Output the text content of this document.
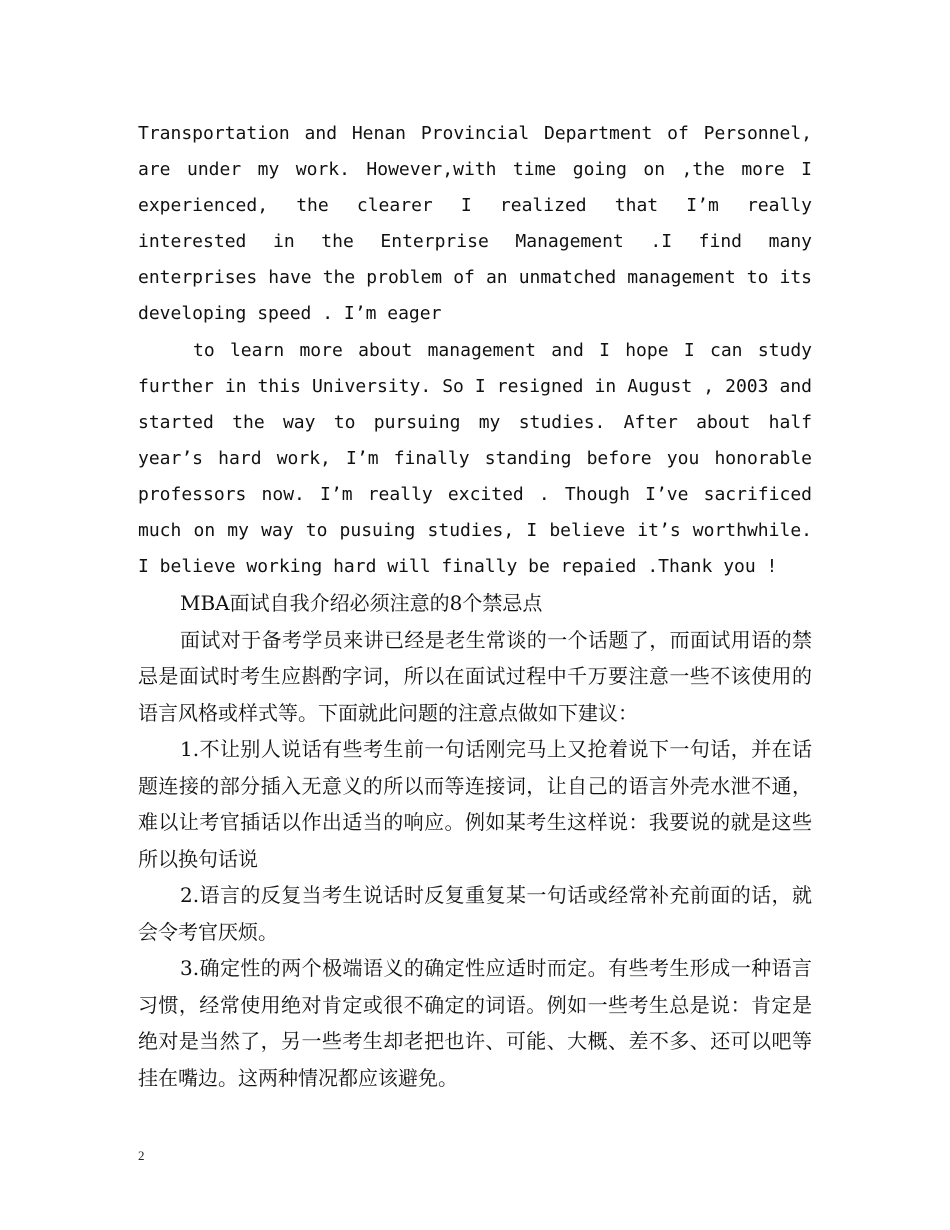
Transportation and Henan Provincial Department of Personnel,
are under my work. However,with time going on ,the more I
experienced, the clearer I realized that I’m really
interested in the Enterprise Management .I find many
enterprises have the problem of an unmatched management to its
developing speed . I’m eager
to learn more about management and I hope I can study
further in this University. So I resigned in August , 2003 and
started the way to pursuing my studies. After about half
year’s hard work, I’m finally standing before you honorable
professors now. I’m really excited . Though I’ve sacrificed
much on my way to pusuing studies, I believe it’s worthwhile.
I believe working hard will finally be repaied .Thank you !

MBA面试自我介绍必须注意的8个禁忌点

面试对于备考学员来讲已经是老生常谈的一个话题了，而面试用语的禁忌是面试时考生应斟酌字词，所以在面试过程中千万要注意一些不该使用的语言风格或样式等。下面就此问题的注意点做如下建议：

1.不让别人说话有些考生前一句话刚完马上又抢着说下一句话，并在话题连接的部分插入无意义的所以而等连接词，让自己的语言外壳水泄不通，难以让考官插话以作出适当的响应。例如某考生这样说：我要说的就是这些所以换句话说

2.语言的反复当考生说话时反复重复某一句话或经常补充前面的话，就会令考官厌烦。

3.确定性的两个极端语义的确定性应适时而定。有些考生形成一种语言习惯，经常使用绝对肯定或很不确定的词语。例如一些考生总是说：肯定是绝对是当然了，另一些考生却老把也许、可能、大概、差不多、还可以吧等挂在嘴边。这两种情况都应该避免。

2
